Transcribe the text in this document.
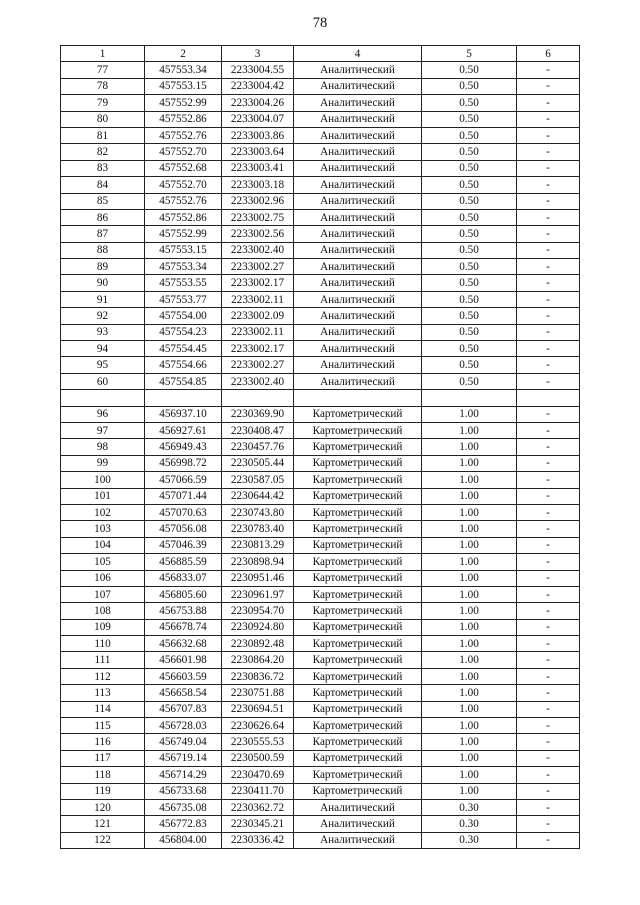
78
1	2	3	4	5	6
77	457553.34	2233004.55	Аналитический	0.50	-
78	457553.15	2233004.42	Аналитический	0.50	-
79	457552.99	2233004.26	Аналитический	0.50	-
80	457552.86	2233004.07	Аналитический	0.50	-
81	457552.76	2233003.86	Аналитический	0.50	-
82	457552.70	2233003.64	Аналитический	0.50	-
83	457552.68	2233003.41	Аналитический	0.50	-
84	457552.70	2233003.18	Аналитический	0.50	-
85	457552.76	2233002.96	Аналитический	0.50	-
86	457552.86	2233002.75	Аналитический	0.50	-
87	457552.99	2233002.56	Аналитический	0.50	-
88	457553.15	2233002.40	Аналитический	0.50	-
89	457553.34	2233002.27	Аналитический	0.50	-
90	457553.55	2233002.17	Аналитический	0.50	-
91	457553.77	2233002.11	Аналитический	0.50	-
92	457554.00	2233002.09	Аналитический	0.50	-
93	457554.23	2233002.11	Аналитический	0.50	-
94	457554.45	2233002.17	Аналитический	0.50	-
95	457554.66	2233002.27	Аналитический	0.50	-
60	457554.85	2233002.40	Аналитический	0.50	-

96	456937.10	2230369.90	Картометрический	1.00	-
97	456927.61	2230408.47	Картометрический	1.00	-
98	456949.43	2230457.76	Картометрический	1.00	-
99	456998.72	2230505.44	Картометрический	1.00	-
100	457066.59	2230587.05	Картометрический	1.00	-
101	457071.44	2230644.42	Картометрический	1.00	-
102	457070.63	2230743.80	Картометрический	1.00	-
103	457056.08	2230783.40	Картометрический	1.00	-
104	457046.39	2230813.29	Картометрический	1.00	-
105	456885.59	2230898.94	Картометрический	1.00	-
106	456833.07	2230951.46	Картометрический	1.00	-
107	456805.60	2230961.97	Картометрический	1.00	-
108	456753.88	2230954.70	Картометрический	1.00	-
109	456678.74	2230924.80	Картометрический	1.00	-
110	456632.68	2230892.48	Картометрический	1.00	-
111	456601.98	2230864.20	Картометрический	1.00	-
112	456603.59	2230836.72	Картометрический	1.00	-
113	456658.54	2230751.88	Картометрический	1.00	-
114	456707.83	2230694.51	Картометрический	1.00	-
115	456728.03	2230626.64	Картометрический	1.00	-
116	456749.04	2230555.53	Картометрический	1.00	-
117	456719.14	2230500.59	Картометрический	1.00	-
118	456714.29	2230470.69	Картометрический	1.00	-
119	456733.68	2230411.70	Картометрический	1.00	-
120	456735.08	2230362.72	Аналитический	0.30	-
121	456772.83	2230345.21	Аналитический	0.30	-
122	456804.00	2230336.42	Аналитический	0.30	-
